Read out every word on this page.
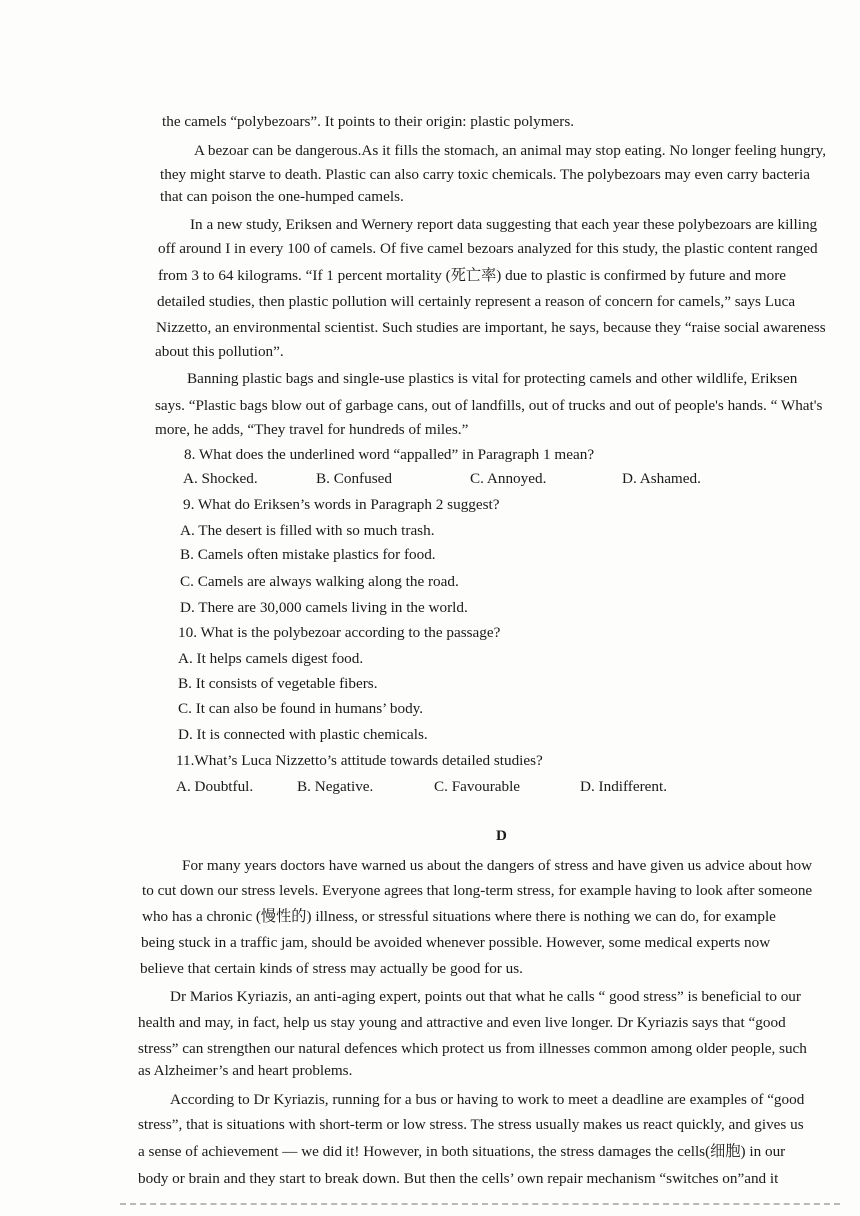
the camels “polybezoars”. It points to their origin: plastic polymers.
A bezoar can be dangerous.As it fills the stomach, an animal may stop eating. No longer feeling hungry,
they might starve to death. Plastic can also carry toxic chemicals. The polybezoars may even carry bacteria
that can poison the one-humped camels.
In a new study, Eriksen and Wernery report data suggesting that each year these polybezoars are killing
off around I in every 100 of camels. Of five camel bezoars analyzed for this study, the plastic content ranged
from 3 to 64 kilograms. “If 1 percent mortality (死亡率) due to plastic is confirmed by future and more
detailed studies, then plastic pollution will certainly represent a reason of concern for camels,” says Luca
Nizzetto, an environmental scientist. Such studies are important, he says, because they “raise social awareness
about this pollution”.
Banning plastic bags and single-use plastics is vital for protecting camels and other wildlife, Eriksen
says. “Plastic bags blow out of garbage cans, out of landfills, out of trucks and out of people's hands. “ What's
more, he adds, “They travel for hundreds of miles.”
8. What does the underlined word “appalled” in Paragraph 1 mean?
A. Shocked.	B. Confused	C. Annoyed.	D. Ashamed.
9. What do Eriksen’s words in Paragraph 2 suggest?
A. The desert is filled with so much trash.
B. Camels often mistake plastics for food.
C. Camels are always walking along the road.
D. There are 30,000 camels living in the world.
10. What is the polybezoar according to the passage?
A. It helps camels digest food.
B. It consists of vegetable fibers.
C. It can also be found in humans’ body.
D. It is connected with plastic chemicals.
11.What’s Luca Nizzetto’s attitude towards detailed studies?
A. Doubtful.	B. Negative.	C. Favourable	D. Indifferent.
D
For many years doctors have warned us about the dangers of stress and have given us advice about how
to cut down our stress levels. Everyone agrees that long-term stress, for example having to look after someone
who has a chronic (慢性的) illness, or stressful situations where there is nothing we can do, for example
being stuck in a traffic jam, should be avoided whenever possible. However, some medical experts now
believe that certain kinds of stress may actually be good for us.
Dr Marios Kyriazis, an anti-aging expert, points out that what he calls “ good stress” is beneficial to our
health and may, in fact, help us stay young and attractive and even live longer. Dr Kyriazis says that “good
stress” can strengthen our natural defences which protect us from illnesses common among older people, such
as Alzheimer’s and heart problems.
According to Dr Kyriazis, running for a bus or having to work to meet a deadline are examples of “good
stress”, that is situations with short-term or low stress. The stress usually makes us react quickly, and gives us
a sense of achievement — we did it! However, in both situations, the stress damages the cells(细胞) in our
body or brain and they start to break down. But then the cells’ own repair mechanism “switches on”and it
